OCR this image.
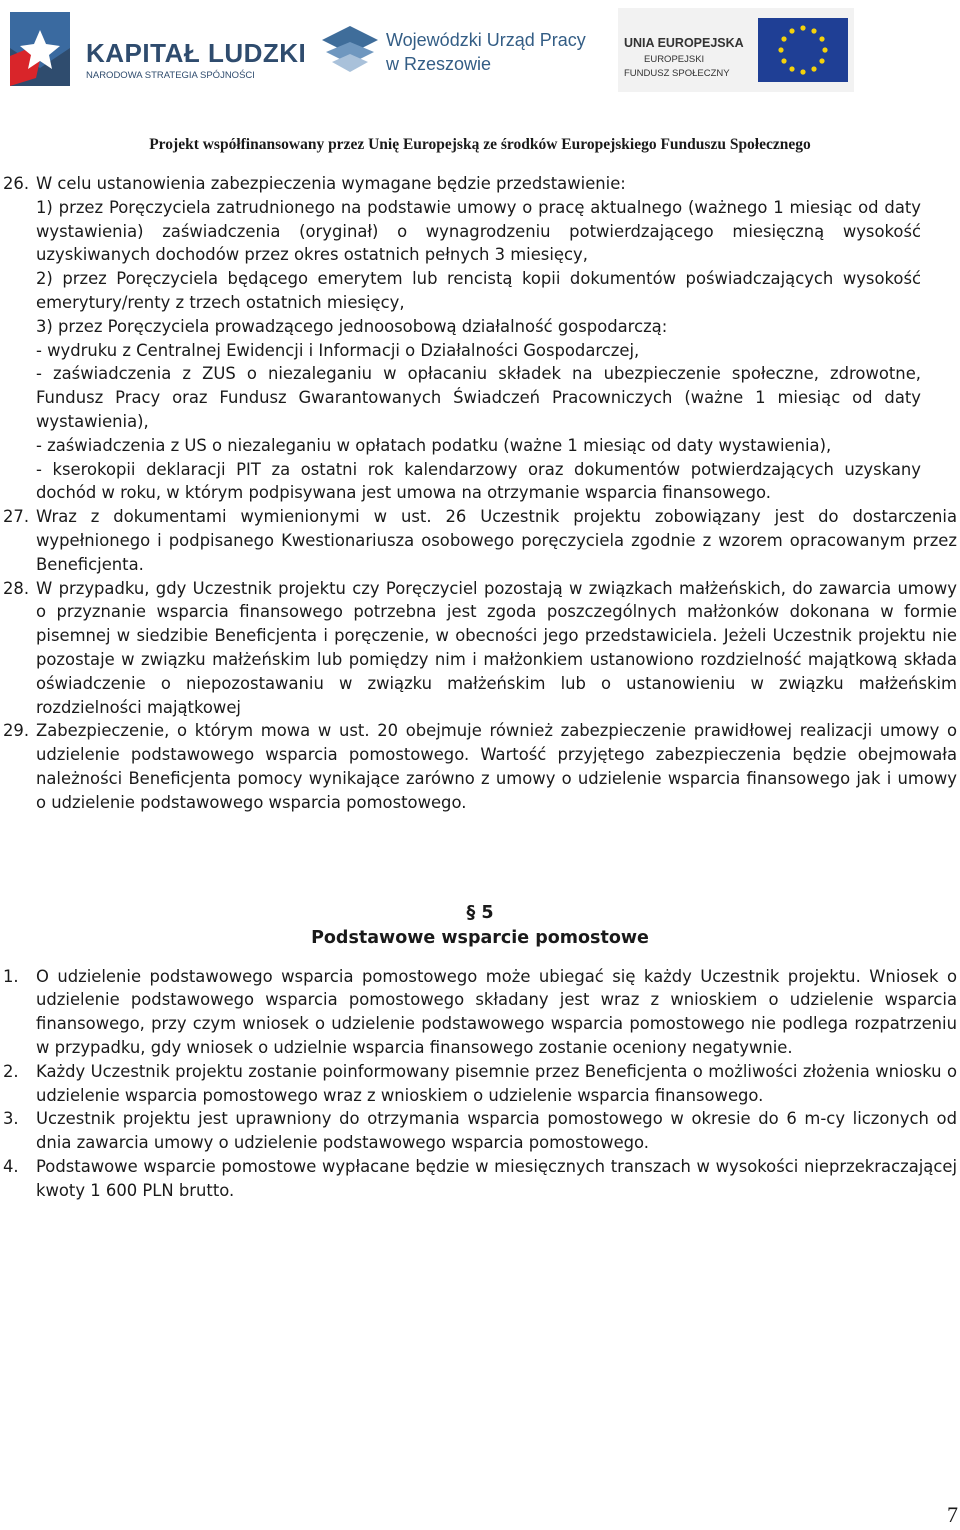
KAPITAŁ LUDZKI
NARODOWA STRATEGIA SPÓJNOŚCI
Wojewódzki Urząd Pracy
w Rzeszowie
UNIA EUROPEJSKA
EUROPEJSKI
FUNDUSZ SPOŁECZNY
Projekt współfinansowany przez Unię Europejską ze środków Europejskiego Funduszu Społecznego
26. W celu ustanowienia zabezpieczenia wymagane będzie przedstawienie:
1) przez Poręczyciela zatrudnionego na podstawie umowy o pracę aktualnego (ważnego 1 miesiąc od daty wystawienia) zaświadczenia (oryginał) o wynagrodzeniu potwierdzającego miesięczną wysokość uzyskiwanych dochodów przez okres ostatnich pełnych 3 miesięcy,
2) przez Poręczyciela będącego emerytem lub rencistą kopii dokumentów poświadczających wysokość emerytury/renty z trzech ostatnich miesięcy,
3) przez Poręczyciela prowadzącego jednoosobową działalność gospodarczą:
- wydruku z Centralnej Ewidencji i Informacji o Działalności Gospodarczej,
- zaświadczenia z ZUS o niezaleganiu w opłacaniu składek na ubezpieczenie społeczne, zdrowotne, Fundusz Pracy oraz Fundusz Gwarantowanych Świadczeń Pracowniczych (ważne 1 miesiąc od daty wystawienia),
- zaświadczenia z US o niezaleganiu w opłatach podatku (ważne 1 miesiąc od daty wystawienia),
- kserokopii deklaracji PIT za ostatni rok kalendarzowy oraz dokumentów potwierdzających uzyskany dochód w roku, w którym podpisywana jest umowa na otrzymanie wsparcia finansowego.
27. Wraz z dokumentami wymienionymi w ust. 26 Uczestnik projektu zobowiązany jest do dostarczenia wypełnionego i podpisanego Kwestionariusza osobowego poręczyciela zgodnie z wzorem opracowanym przez Beneficjenta.
28. W przypadku, gdy Uczestnik projektu czy Poręczyciel pozostają w związkach małżeńskich, do zawarcia umowy o przyznanie wsparcia finansowego potrzebna jest zgoda poszczególnych małżonków dokonana w formie pisemnej w siedzibie Beneficjenta i poręczenie, w obecności jego przedstawiciela. Jeżeli Uczestnik projektu nie pozostaje w związku małżeńskim lub pomiędzy nim i małżonkiem ustanowiono rozdzielność majątkową składa oświadczenie o niepozostawaniu w związku małżeńskim lub o ustanowieniu w związku małżeńskim rozdzielności majątkowej
29. Zabezpieczenie, o którym mowa w ust. 20 obejmuje również zabezpieczenie prawidłowej realizacji umowy o udzielenie podstawowego wsparcia pomostowego. Wartość przyjętego zabezpieczenia będzie obejmowała należności Beneficjenta pomocy wynikające zarówno z umowy o udzielenie wsparcia finansowego jak i umowy o udzielenie podstawowego wsparcia pomostowego.
§ 5
Podstawowe wsparcie pomostowe
1.	O udzielenie podstawowego wsparcia pomostowego może ubiegać się każdy Uczestnik projektu. Wniosek o udzielenie podstawowego wsparcia pomostowego składany jest wraz z wnioskiem o udzielenie wsparcia finansowego, przy czym wniosek o udzielenie podstawowego wsparcia pomostowego nie podlega rozpatrzeniu w przypadku, gdy wniosek o udzielnie wsparcia finansowego zostanie oceniony negatywnie.
2.	Każdy Uczestnik projektu zostanie poinformowany pisemnie przez Beneficjenta o możliwości złożenia wniosku o udzielenie wsparcia pomostowego wraz z wnioskiem o udzielenie wsparcia finansowego.
3.	Uczestnik projektu jest uprawniony do otrzymania wsparcia pomostowego w okresie do 6 m-cy liczonych od dnia zawarcia umowy o udzielenie podstawowego wsparcia pomostowego.
4.	Podstawowe wsparcie pomostowe wypłacane będzie w miesięcznych transzach w wysokości nieprzekraczającej kwoty 1 600 PLN brutto.
7
